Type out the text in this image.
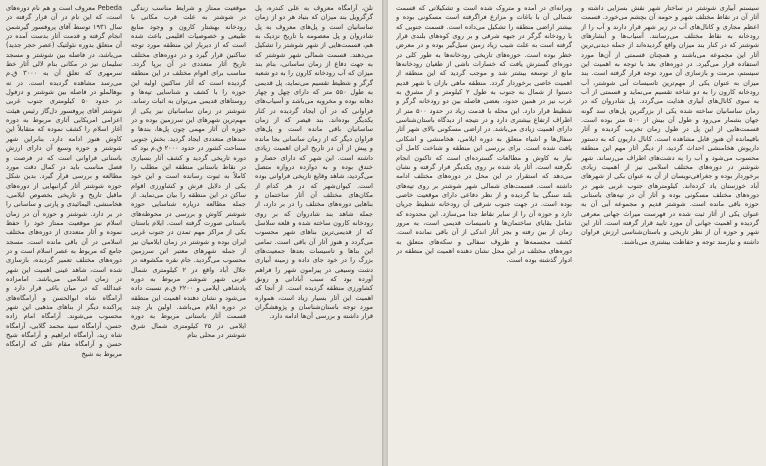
نلن، آرامگاه معروف به علی کندره، پل گرگرویل بند میزان که بنیاد هر دو از زمان ساسانیان است و پل‌های معروف به پل شادروان و پل معصومه با تاریخ نزدیک به هم، قسمت‌هایی از شهر شوشتر را تشکیل می‌دهند. قسمت شمالی شهر شوشتر که به جهت دفاع از زمان ساسانی، بنام بند میزان که آب رودخانه کارون را به دو شعبه گرگر و شطیط تقسیم می‌نماید، پل قدیمی به طول ۵۵۰ متر که دارای چهل و چهار دهانه بوده و مخروبه می‌باشد و آسیاب‌های فراوانی که در آن ایجاد گردیده در کنار یکدیگر بوده‌اند. بند قیصر که از زمان ساسانیان باقی مانده است و پل‌های فراوان دیگر که از زمان ساسانی بجا مانده و پیش از آن در تاریخ ایران اهمیت زیادی داشته است. این شهر که دارای حصار و خندق بوده و به دوازده دروازه متصل می‌گردید، شاهد وقایع تاریخی فراوانی بوده است. کیوان‌شهر که در هر کدام از مکان‌های مختلف آن آثار ساختمان و بناهایی دوره‌های مختلف را در بر دارد، از جمله شاهد بند شادروان که بر روی رودخانه کارون ساخته شده و قلعه سلاسل که از قدیمی‌ترین بناهای شهر محسوب می‌گردد و هنوز آثار آن باقی است. تمامی این بناها و تاسیسات بعدها جمعیت‌های بزرگ را در خود جای داده و زمینه آبیاری دشت وسیعی در پیرامون شهر را فراهم آورده بود که سبب آبادانی و رونق کشاورزی منطقه گردیده است. از آنجا که اهمیت این آثار بسیار زیاد است، همواره مورد توجه باستان‌شناسان و پژوهشگران قرار داشته و بررسی آن‌ها ادامه دارد.

موقعیت ممتاز و شرایط مناسب زندگی در شوشتر به علت قرب مکانی با رودخانه بهشتار کارون و وجود منابع طبیعی و خصوصیات اقلیمی باعث شده است که از دیرباز این منطقه مورد توجه ساکنین قرار گیرد و در دوره‌های مختلف تاریخ آثار متعددی در آن برپا گردد. مناسب برای اقوام مختلف در این منطقه گردیده است که آثار ساکنین اولیه این حوزه را با کشف و شناسایی تپه‌ها و روستاهای قدیمی می‌توان به اثبات رساند. شوشتر در زمان ساسانیان نیز یکی از مهم‌ترین شهرهای این سرزمین بوده و در حوزه آن آثار مهمی چون پل‌ها، بندها و سدهای متعددی ایجاد گردید. بخش جنوبی مساحت کشور در حدود ۲۰۰۰ ق.م بود که دوره تاریخی گردید و کشف آثار بسیاری در نقاط باستانی منطقه این مطلب را کاملاً به ثبوت رسانده است و این خود یکی از دلایل فرش و کشاورزی اقوام ساکن در این منطقه را بیان می‌نماید. از جمله مطالعه دریاره شناسایی حوزه شوشتر کاوش و بررسی در محوطه‌های باستانی صورت گرفته است. ایلام باستان یکی از مراکز مهم تمدن در جنوب غربی ایران بوده و شوشتر در زمان ایلامیان نیز از جمله شهرهای معتبر این سرزمین محسوب می‌گردید. جام نقره مکشوفه در جلال آباد واقع در ۲ کیلومتری شمال غربی شهر شوشتر مربوط به دوره پادشاهی ایلامی و ۲۲۰۰ ق.م نسبت داده می‌شود و نشان دهنده اهمیت این منطقه در دوره ایلام می‌باشد. اولین بار چند قسمت آثار باستانی مربوط به دوره ایلامی در ۲۵ کیلومتری شمال شرق شوشتر در محلی بنام

Pebeda معروف است و هم نام دوره‌های است، که این نام در آن قرار گرفته در سال ۱۹۳۱ توسط آقای پروفسور گیرشمن انجام گرفته و قدمت آثار بدست آمده در آن متعلق بدوره نئولتیک (عصر حجر جدید) می‌باشد، در فاصله بین شوشتر و مسجد سلیمان نیز در مکانی بنام لالی آثار خط سرمهری که تعلق آن به ۳۰۰۰ ق.م می‌رسد مشاهده گردیده است. در ته بوهالملو در فاصله بین شوشتر و دزفول در حدود ۵۰ کیلومتری جنوب غربی شوشتر آقای پروفسور دل‌گاز رئیس هیئت اعزامی امریکایی آثاری مربوط به دوره آغاز اسلام را کشف نموده که متقابلاً این کاوش هنوز ادامه دارد. بنابراین شهر شوشتر و حوزه وسیع آن دارای ارزش باستانی فراوانی است که در فرصت و فصل مناسب باید در کمال دقت مورد مطالعه و بررسی قرار گیرد. بدین شکل حوزه شوشتر آثار گرانبهایی از دوره‌های ماقبل تاریخ و تاریخی بخصوص ایلامی، هخامنشی، الیمائیدی و پارتی و ساسانی را در بر دارد. شوشتر و حوزه آن در زمان اسلام نیز موقعیت ممتاز خود را حفظ نموده و آثار متعددی از دوره‌های مختلف اسلامی در آن باقی مانده است. مسجد جامع که مربوط به عصر اسلام است و در دوره‌های مختلف تعمیر گردیده، بازسازی شده است، شاهد عینی اهمیت این شهر در زمان اسلامی می‌باشد. امامزاده عبدالله که در میان باغی قرار دارد و آرامگاه شاه ابوالحسن و آرامگاه‌های پراکنده دیگر از بناهای مذهبی این شهر محسوب می‌شوند. آرامگاه امام زاده حسن، آرامگاه سید محمد گلابی، آرامگاه شاه زید، آرامگاه ابراهیم و آرامگاه شیخ حسن و آرامگاه مقام علی که آرامگاه مربوط به شیخ

سیستم آبیاری شوشتر در ساختار شهر نقش بسزایی داشته و آثار آن در نقاط مختلف شهر و حومه آن بچشم می‌خورد. قسمت اعظم مجاری و کانال‌های آب در زیر شهر قرار دارند و آب را از رودخانه به نقاط مختلف می‌رسانند. آسیاب‌ها و آبشارهای شوشتر که در کنار بند میزان واقع گردیده‌اند از جمله دیدنی‌ترین آثار این مجموعه می‌باشند و همچنان قسمتی از آن‌ها مورد استفاده قرار می‌گیرد. در دوره‌های بعد با توجه به اهمیت این سیستم، مرمت و بازسازی آن مورد توجه قرار گرفته است. بند میزان به عنوان یکی از مهم‌ترین تاسیسات آبی شوشتر، آب رودخانه کارون را به دو شاخه تقسیم می‌نماید و قسمتی از آب به سوی کانال‌های آبیاری هدایت می‌گردد. پل شادروان که در زمان ساسانیان ساخته شده یکی از بزرگترین پل‌های سد گونه جهان بشمار می‌رود و طول آن بیش از ۵۰۰ متر بوده است. قسمت‌هایی از این پل در طول زمان تخریب گردیده و آثار باقیمانده آن هنوز قابل مشاهده است. کانال داریون که به دستور داریوش هخامنشی احداث گردید، از دیگر آثار مهم این منطقه محسوب می‌شود و آب را به دشت‌های اطراف می‌رساند. شهر شوشتر در دوره‌های مختلف اسلامی نیز از اهمیت زیادی برخوردار بوده و جغرافی‌نویسان از آن به عنوان یکی از شهرهای آباد خوزستان یاد کرده‌اند. کیلومترهای جنوب غربی شهر در دوره‌های مختلف مسکونی بوده و آثار آن در تپه‌های باستانی حوزه باقی مانده است. شوشتر قدیم و مجموعه آبی آن به عنوان یکی از آثار ثبت شده در فهرست میراث جهانی معرفی گردیده و اهمیت جهانی آن مورد تایید قرار گرفته است. آثار این شهر و حوزه آن از نظر تاریخی و باستان‌شناسی ارزش فراوان داشته و نیازمند توجه و حفاظت بیشتری می‌باشند.

ویرانه‌ای در آمده و متروک شده است و تشکیلاتی که قسمت شمالی آن با باغات و مزارع فراگرفته است مسکونی بوده و بیشتر اراضی منطقه را تشکیل می‌داده است. قسمت جنوبی که با رودخانه گرگر در جبهه شرقی و بر روی کوه‌های بلندی قرار گرفته است به علت شیب زیاد زمین سیل‌گیر بوده و در معرض خطر بوده است. حوزه‌های تاریخی رودخانه‌ها به طور کلی در دوره‌ای گسترش یافت که خسارات ناشی از طغیان رودخانه‌ها مانع از توسعه بیشتر شد و موجب گردید که این منطقه از اهمیت خاصی برخوردار گردد. منطقه ماهی بازان با شهر قدیم دستوا از شمال به جنوب به طول ۲ کیلومتر و از مشرق به غرب نیز در همین حدود، بعضی فاصله بین دو رودخانه گرگر و شطیط قرار دارد. این محله با قدمت زیاد در حدود ۵۰۰ متر از اطراف ارتفاع بیشتری دارد و در نتیجه از دیدگاه باستان‌شناسی دارای اهمیت زیادی می‌باشد. در اراضی مسکونی بالای شهر آثار سفال‌ها و اشیاء متعلق به دوره ایلامی، هخامنشی و اشکانی یافت شده است. برای بررسی این منطقه و شناخت کامل آن نیاز به کاوش و مطالعات گسترده‌ای است که تاکنون انجام نگرفته است. آثار یاد شده بر روی یکدیگر قرار گرفته و نشان می‌دهد که استقرار در این محل در دوره‌های مختلف ادامه داشته است. قسمت‌های شمالی شهر شوشتر بر روی تپه‌های بلند سنگی بنا گردیده و از نظر دفاعی دارای موقعیت خاصی بوده است. در جهت جنوب شرقی آن رودخانه شطیط جریان دارد و حوزه آن را از سایر نقاط جدا می‌سازد. این محدوده که شامل بقایای ساختمان‌ها و تاسیسات قدیمی است، به مرور زمان از بین رفته و بجز آثار اندکی از آن باقی نمانده است. کشف مجسمه‌ها و ظروف سفالی و سکه‌های متعلق به دوره‌های مختلف در این محل نشان دهنده اهمیت این منطقه در ادوار گذشته بوده است.
